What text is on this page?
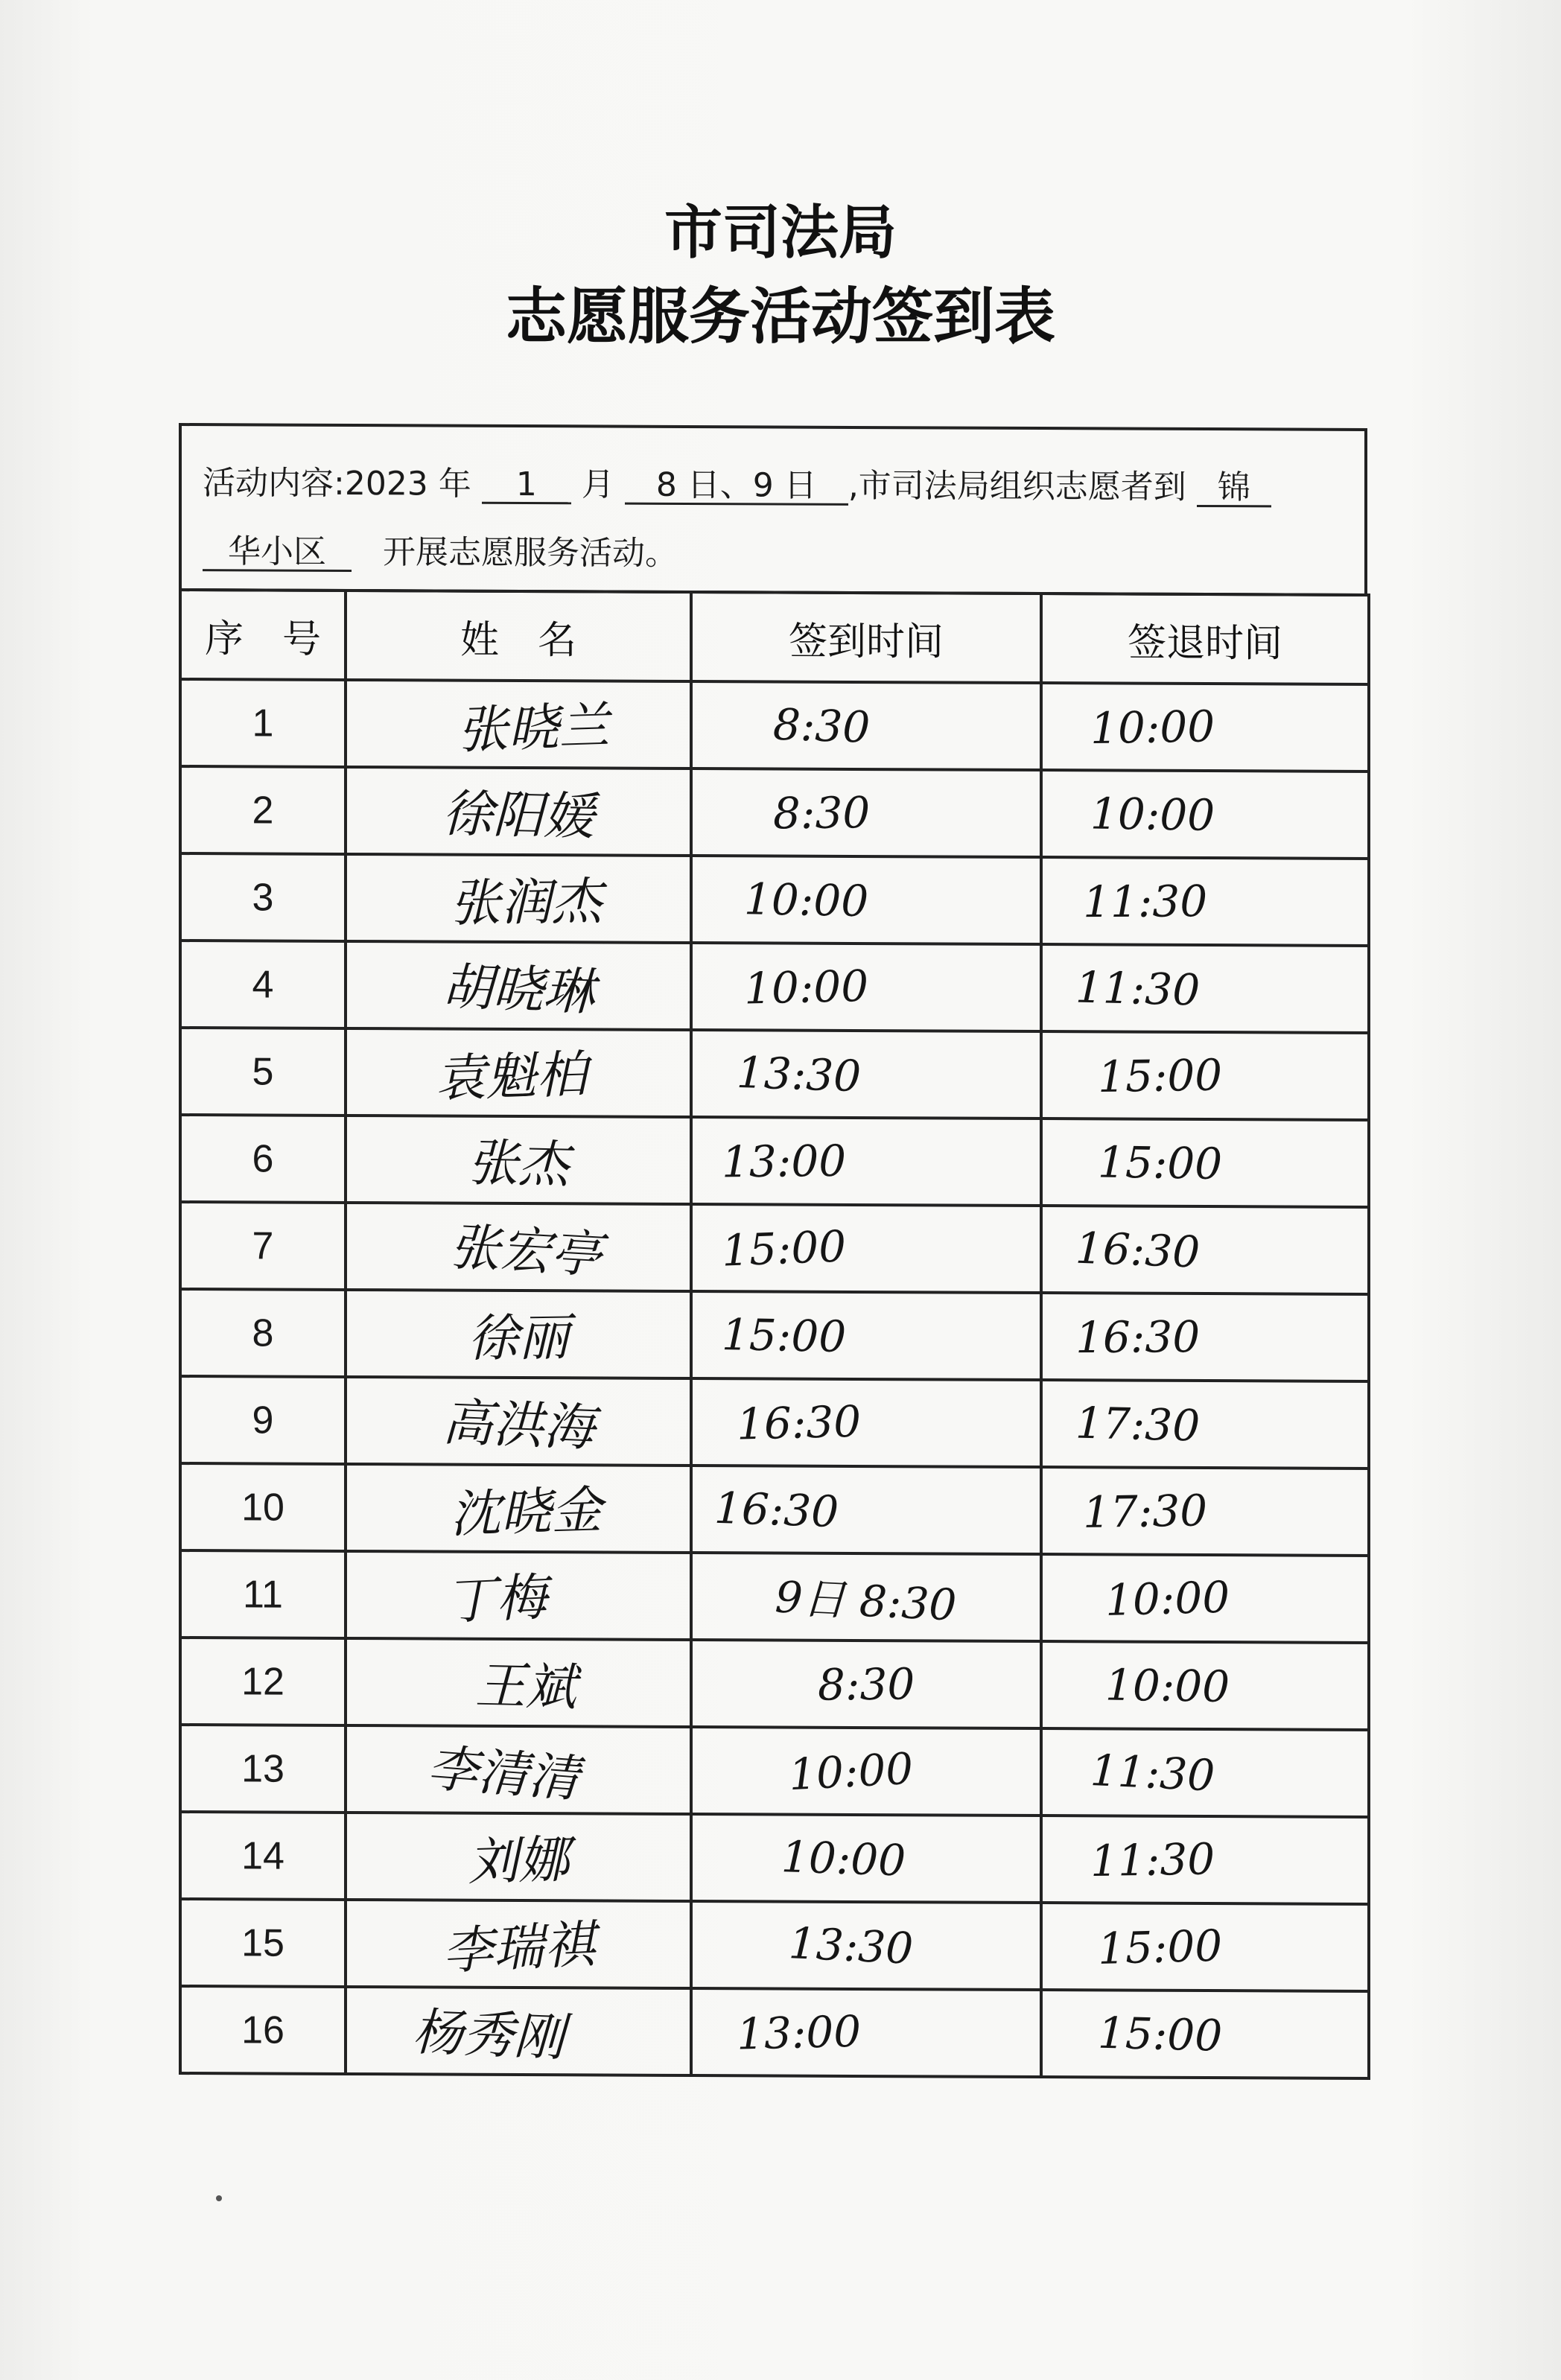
市司法局
志愿服务活动签到表
活动内容:2023 年 1 月 8 日、9 日 ,市司法局组织志愿者到 锦
华小区 开展志愿服务活动。
序　号	姓　名	签到时间	签退时间
1	张晓兰	8:30	10:00
2	徐阳媛	8:30	10:00
3	张润杰	10:00	11:30
4	胡晓琳	10:00	11:30
5	袁魁柏	13:30	15:00
6	张杰	13:00	15:00
7	张宏亭	15:00	16:30
8	徐丽	15:00	16:30
9	高洪海	16:30	17:30
10	沈晓金	16:30	17:30
11	丁梅	9日 8:30	10:00
12	王斌	8:30	10:00
13	李清清	10:00	11:30
14	刘娜	10:00	11:30
15	李瑞祺	13:30	15:00
16	杨秀刚	13:00	15:00
